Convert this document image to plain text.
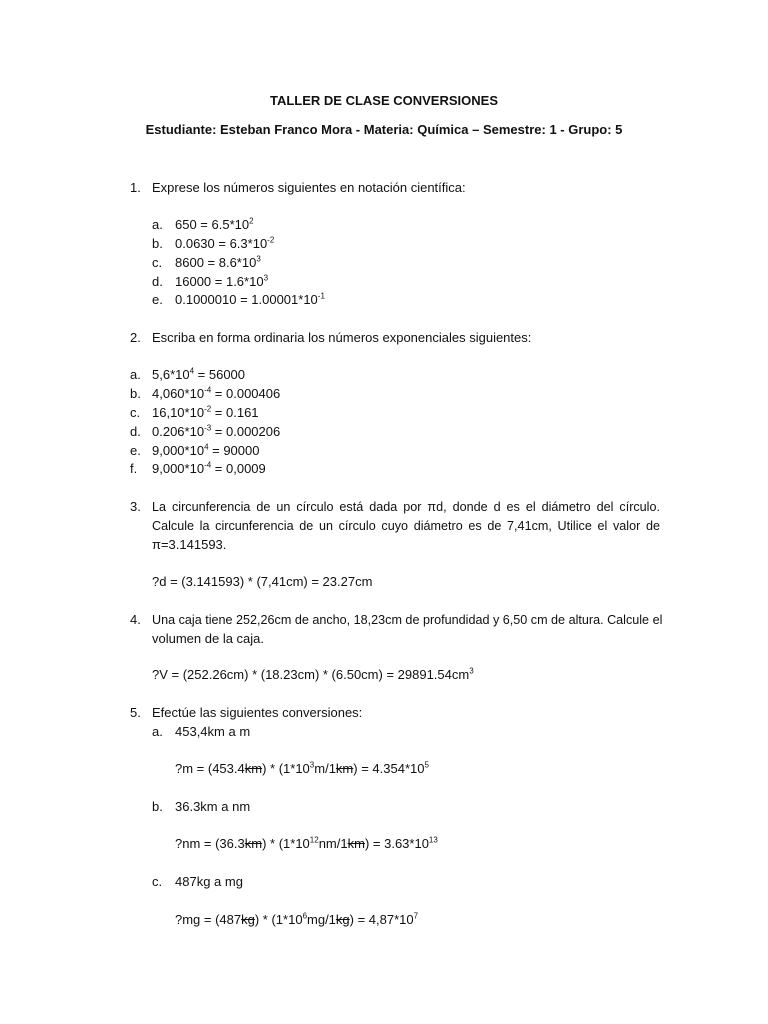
TALLER DE CLASE CONVERSIONES
Estudiante: Esteban Franco Mora - Materia: Química – Semestre: 1 - Grupo: 5
1. Exprese los números siguientes en notación científica:
a. $650 = 6.5*10^2$
b. $0.0630 = 6.3*10^{-2}$
c. $8600 = 8.6*10^3$
d. $16000 = 1.6*10^3$
e. $0.1000010 = 1.00001*10^{-1}$
2. Escriba en forma ordinaria los números exponenciales siguientes:
a. $5,6*10^4 = 56000$
b. $4,060*10^{-4} = 0.000406$
c. $16,10*10^{-2} = 0.161$
d. $0.206*10^{-3} = 0.000206$
e. $9,000*10^4 = 90000$
f. $9,000*10^{-4} = 0,0009$
3. La circunferencia de un círculo está dada por πd, donde d es el diámetro del círculo.
Calcule la circunferencia de un círculo cuyo diámetro es de 7,41cm, Utilice el valor de
π=3.141593.
?d = (3.141593) * (7,41cm) = 23.27cm
4. Una caja tiene 252,26cm de ancho, 18,23cm de profundidad y 6,50 cm de altura. Calcule el
volumen de la caja.
?V = $(252.26cm) * (18.23cm) * (6.50cm) = 29891.54cm^3$
5. Efectúe las siguientes conversiones:
a. 453,4km a m
?m = $(453.4km) * (1*10^3m/1km) = 4.354*10^5$
b. 36.3km a nm
?nm = $(36.3km) * (1*10^{12}nm/1km) = 3.63*10^{13}$
c. 487kg a mg
?mg = $(487kg) * (1*10^6mg/1kg) = 4,87*10^7$
